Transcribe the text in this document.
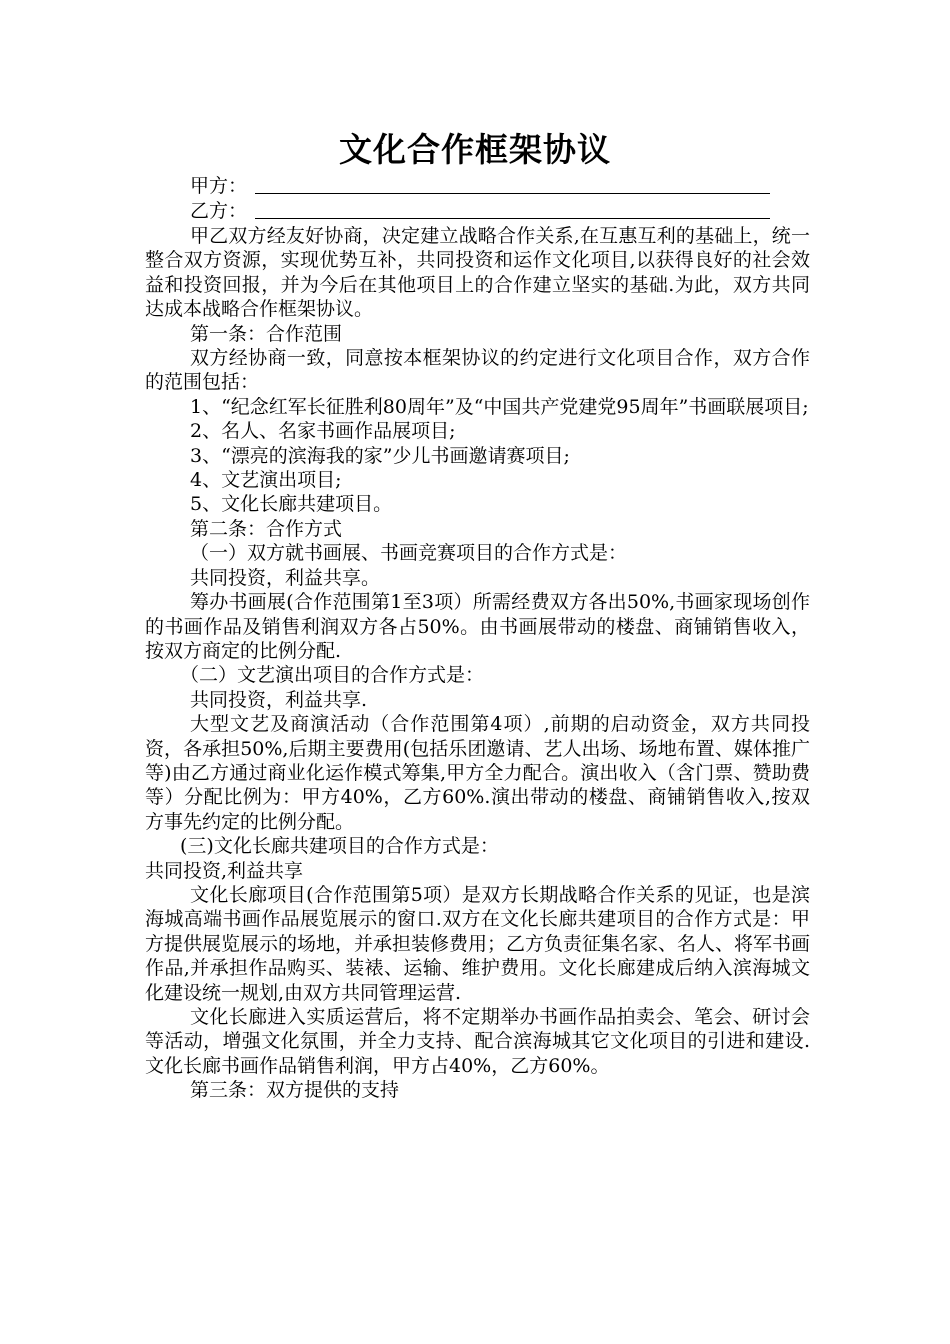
文化合作框架协议
甲方：
乙方：

甲乙双方经友好协商，决定建立战略合作关系,在互惠互利的基础上，统一整合双方资源，实现优势互补，共同投资和运作文化项目,以获得良好的社会效益和投资回报，并为今后在其他项目上的合作建立坚实的基础.为此，双方共同达成本战略合作框架协议。

第一条：合作范围

双方经协商一致，同意按本框架协议的约定进行文化项目合作，双方合作的范围包括：

1、“纪念红军长征胜利80周年”及“中国共产党建党95周年”书画联展项目;

2、名人、名家书画作品展项目;

3、“漂亮的滨海我的家”少儿书画邀请赛项目;

4、文艺演出项目;

5、文化长廊共建项目。

第二条：合作方式

（一）双方就书画展、书画竞赛项目的合作方式是：

共同投资，利益共享。

筹办书画展(合作范围第1至3项）所需经费双方各出50%,书画家现场创作的书画作品及销售利润双方各占50%。由书画展带动的楼盘、商铺销售收入，按双方商定的比例分配.

（二）文艺演出项目的合作方式是：

共同投资，利益共享.

大型文艺及商演活动（合作范围第4项）,前期的启动资金，双方共同投资，各承担50%,后期主要费用(包括乐团邀请、艺人出场、场地布置、媒体推广等)由乙方通过商业化运作模式筹集,甲方全力配合。演出收入（含门票、赞助费等）分配比例为：甲方40%，乙方60%.演出带动的楼盘、商铺销售收入,按双方事先约定的比例分配。

(三)文化长廊共建项目的合作方式是：

共同投资,利益共享

文化长廊项目(合作范围第5项）是双方长期战略合作关系的见证，也是滨海城高端书画作品展览展示的窗口.双方在文化长廊共建项目的合作方式是：甲方提供展览展示的场地，并承担装修费用；乙方负责征集名家、名人、将军书画作品,并承担作品购买、装裱、运输、维护费用。文化长廊建成后纳入滨海城文化建设统一规划,由双方共同管理运营.

文化长廊进入实质运营后，将不定期举办书画作品拍卖会、笔会、研讨会等活动，增强文化氛围，并全力支持、配合滨海城其它文化项目的引进和建设.文化长廊书画作品销售利润，甲方占40%，乙方60%。

第三条：双方提供的支持
